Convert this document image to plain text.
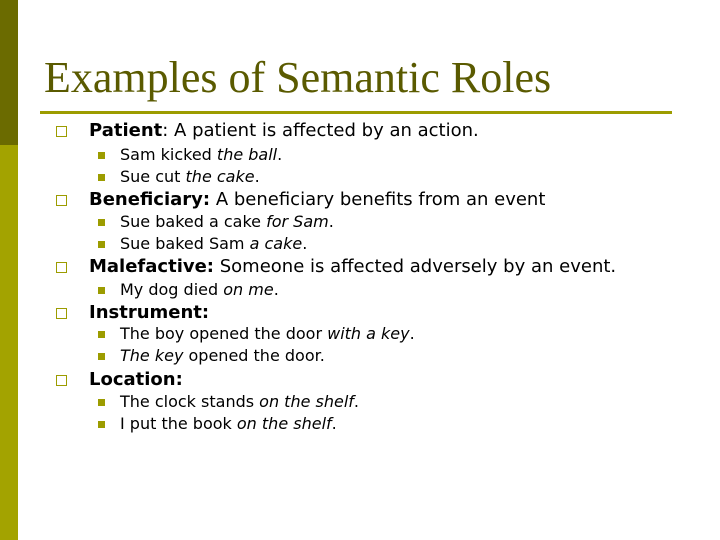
Examples of Semantic Roles
Patient: A patient is affected by an action.
Sam kicked the ball.
Sue cut the cake.
Beneficiary: A beneficiary benefits from an event
Sue baked a cake for Sam.
Sue baked Sam a cake.
Malefactive: Someone is affected adversely by an event.
My dog died on me.
Instrument:
The boy opened the door with a key.
The key opened the door.
Location:
The clock stands on the shelf.
I put the book on the shelf.
